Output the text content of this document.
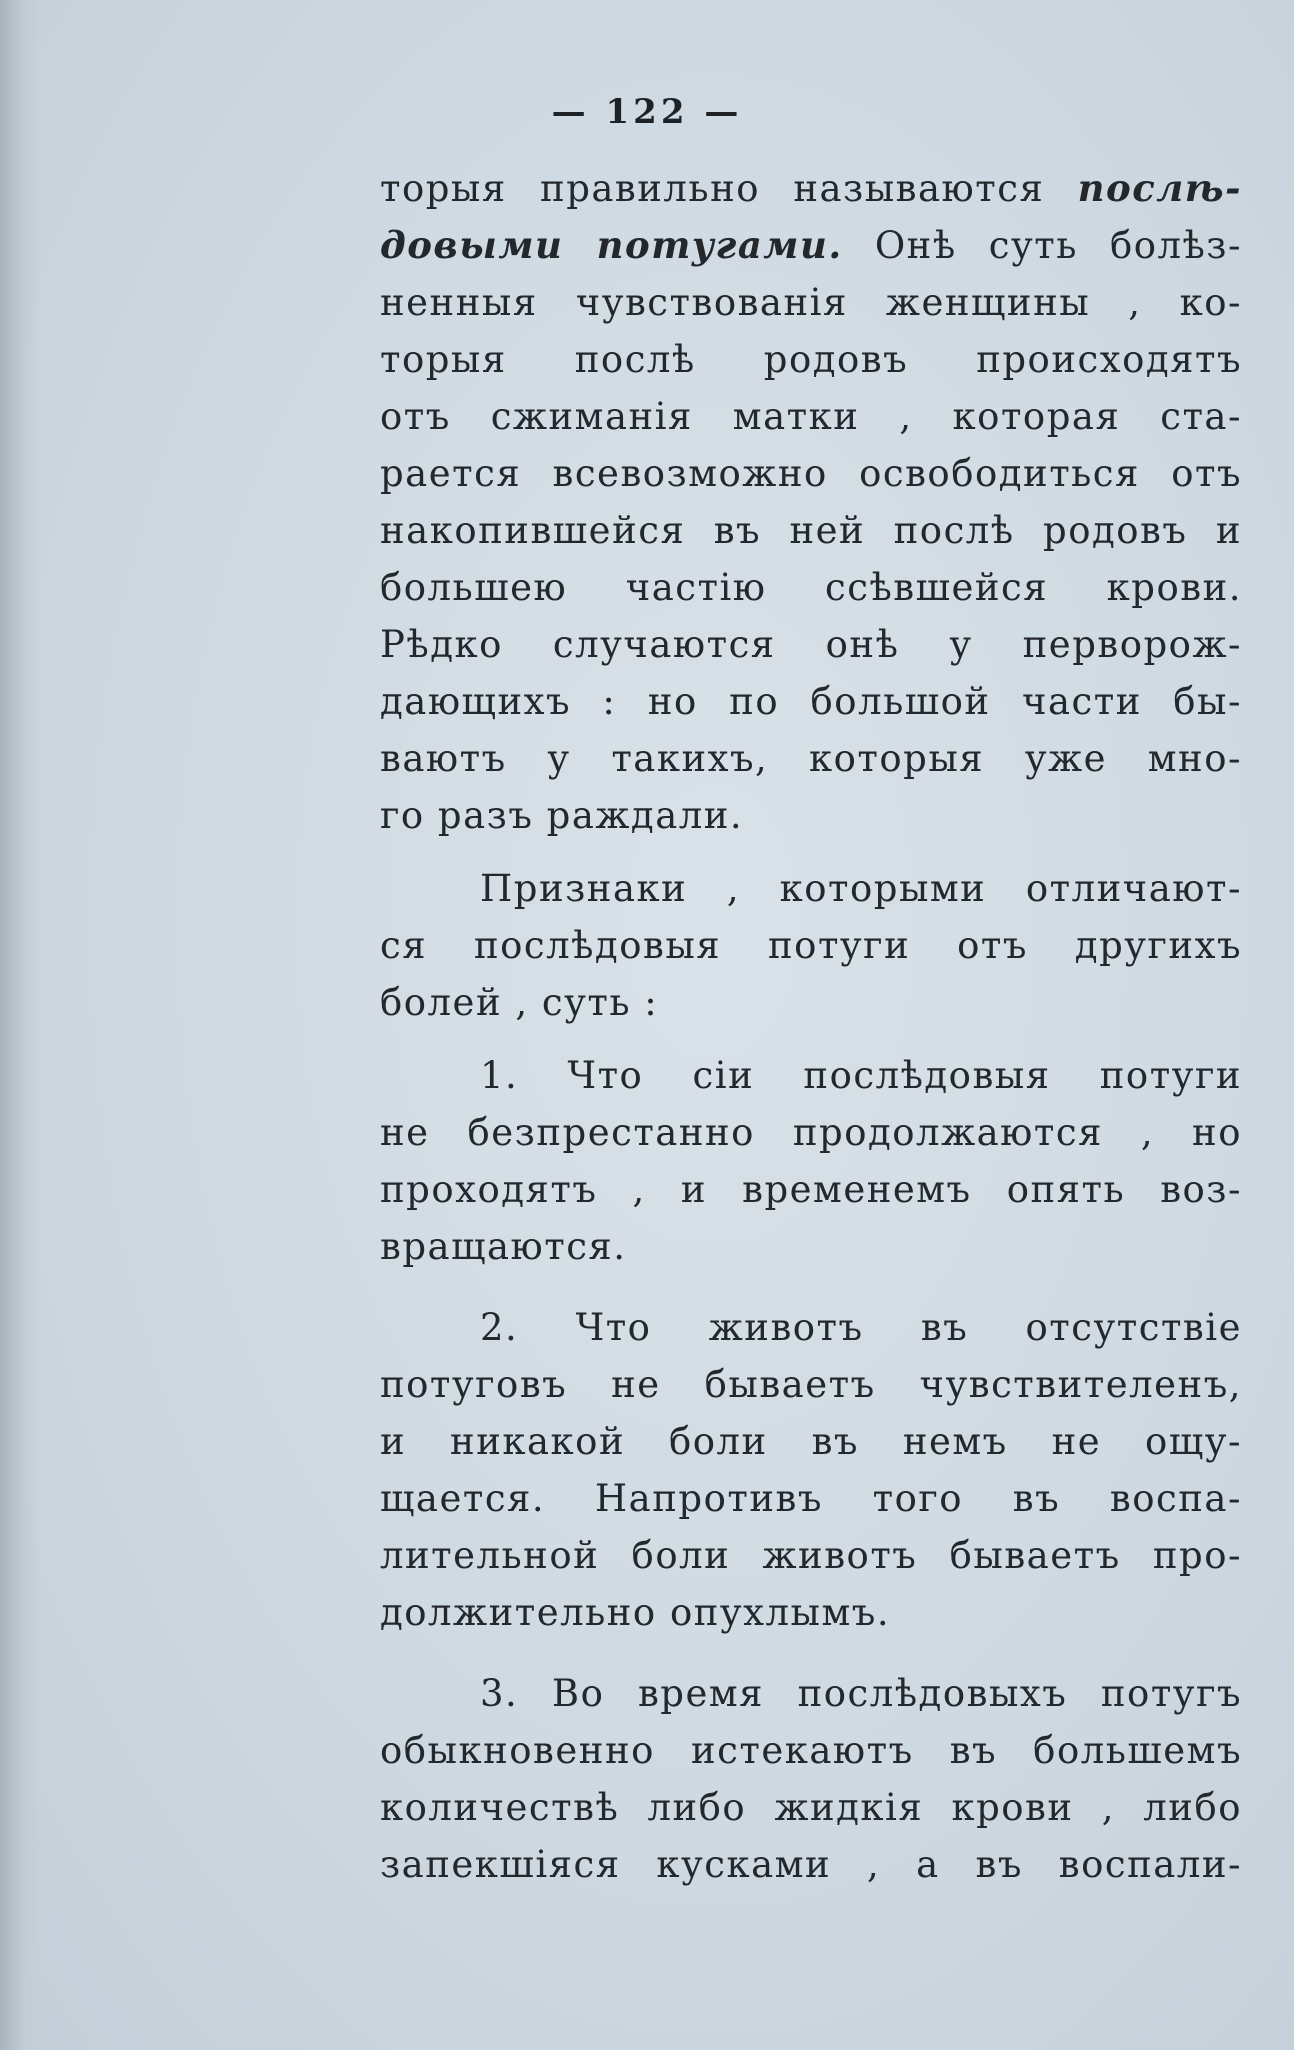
— 122 —
торыя правильно называются послѣ-
довыми потугами. Онѣ суть болѣз-
ненныя чувствованія женщины , ко-
торыя послѣ родовъ происходятъ
отъ сжиманія матки , которая ста-
рается всевозможно освободиться отъ
накопившейся въ ней послѣ родовъ и
большею частію ссѣвшейся крови.
Рѣдко случаются онѣ у перворож-
дающихъ : но по большой части бы-
ваютъ у такихъ, которыя уже мно-
го разъ раждали.
Признаки , которыми отличают-
ся послѣдовыя потуги отъ другихъ
болей , суть :
1. Что сіи послѣдовыя потуги
не безпрестанно продолжаются , но
проходятъ , и временемъ опять воз-
вращаются.
2. Что животъ въ отсутствіе
потуговъ не бываетъ чувствителенъ,
и никакой боли въ немъ не ощу-
щается. Напротивъ того въ воспа-
лительной боли животъ бываетъ про-
должительно опухлымъ.
3. Во время послѣдовыхъ потугъ
обыкновенно истекаютъ въ большемъ
количествѣ либо жидкія крови , либо
запекшіяся кусками , а въ воспали-
